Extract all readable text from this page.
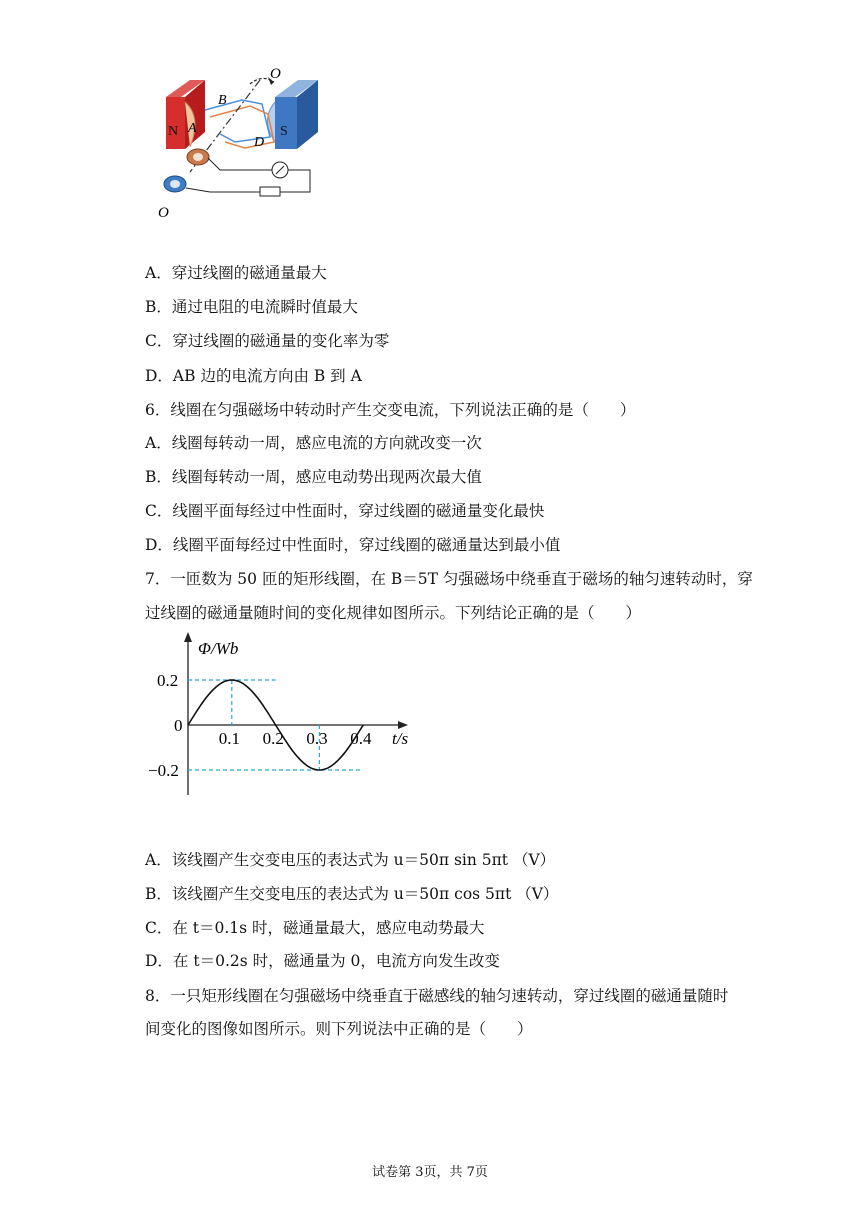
O
N A
B
D
S
O
A．穿过线圈的磁通量最大
B．通过电阻的电流瞬时值最大
C．穿过线圈的磁通量的变化率为零
D．AB 边的电流方向由 B 到 A
6．线圈在匀强磁场中转动时产生交变电流，下列说法正确的是（　　）
A．线圈每转动一周，感应电流的方向就改变一次
B．线圈每转动一周，感应电动势出现两次最大值
C．线圈平面每经过中性面时，穿过线圈的磁通量变化最快
D．线圈平面每经过中性面时，穿过线圈的磁通量达到最小值
7．一匝数为 50 匝的矩形线圈，在 B＝5T 匀强磁场中绕垂直于磁场的轴匀速转动时，穿
过线圈的磁通量随时间的变化规律如图所示。下列结论正确的是（　　）
0.1 0.2 0.3 0.4
Φ/Wb
t/s
0.2
0
−0.2
A．该线圈产生交变电压的表达式为 u＝50π sin 5πt （V）
B．该线圈产生交变电压的表达式为 u＝50π cos 5πt （V）
C．在 t＝0.1s 时，磁通量最大，感应电动势最大
D．在 t＝0.2s 时，磁通量为 0，电流方向发生改变
8．一只矩形线圈在匀强磁场中绕垂直于磁感线的轴匀速转动，穿过线圈的磁通量随时
间变化的图像如图所示。则下列说法中正确的是（　　）
试卷第 3页，共 7页
